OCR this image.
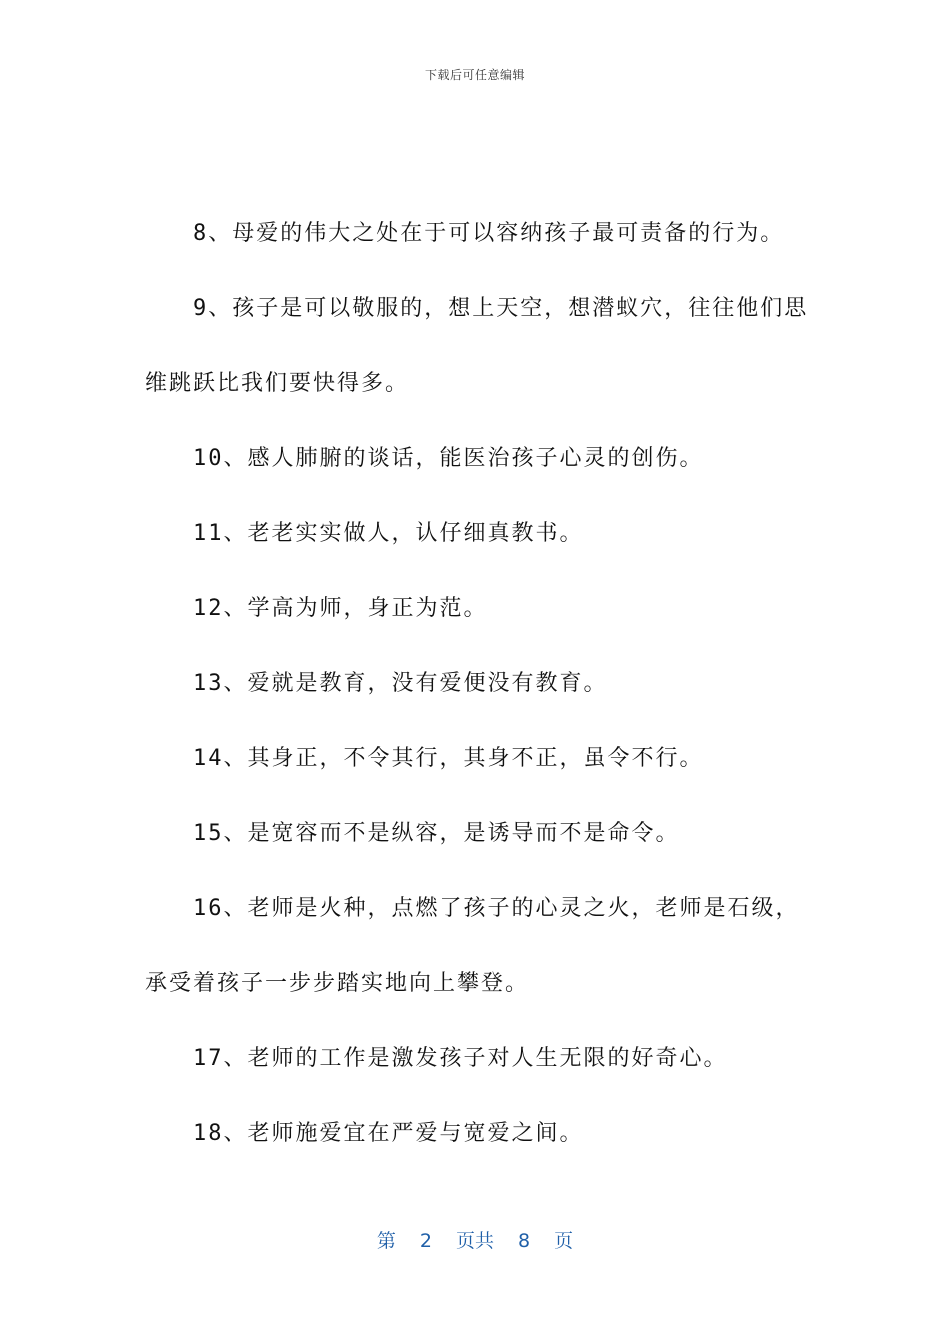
下载后可任意编辑

8、母爱的伟大之处在于可以容纳孩子最可责备的行为。

9、孩子是可以敬服的，想上天空，想潜蚁穴，往往他们思
维跳跃比我们要快得多。

10、感人肺腑的谈话，能医治孩子心灵的创伤。

11、老老实实做人，认仔细真教书。

12、学高为师，身正为范。

13、爱就是教育，没有爱便没有教育。

14、其身正，不令其行，其身不正，虽令不行。

15、是宽容而不是纵容，是诱导而不是命令。

16、老师是火种，点燃了孩子的心灵之火，老师是石级，
承受着孩子一步步踏实地向上攀登。

17、老师的工作是激发孩子对人生无限的好奇心。

18、老师施爱宜在严爱与宽爱之间。

第 2 页共 8 页
